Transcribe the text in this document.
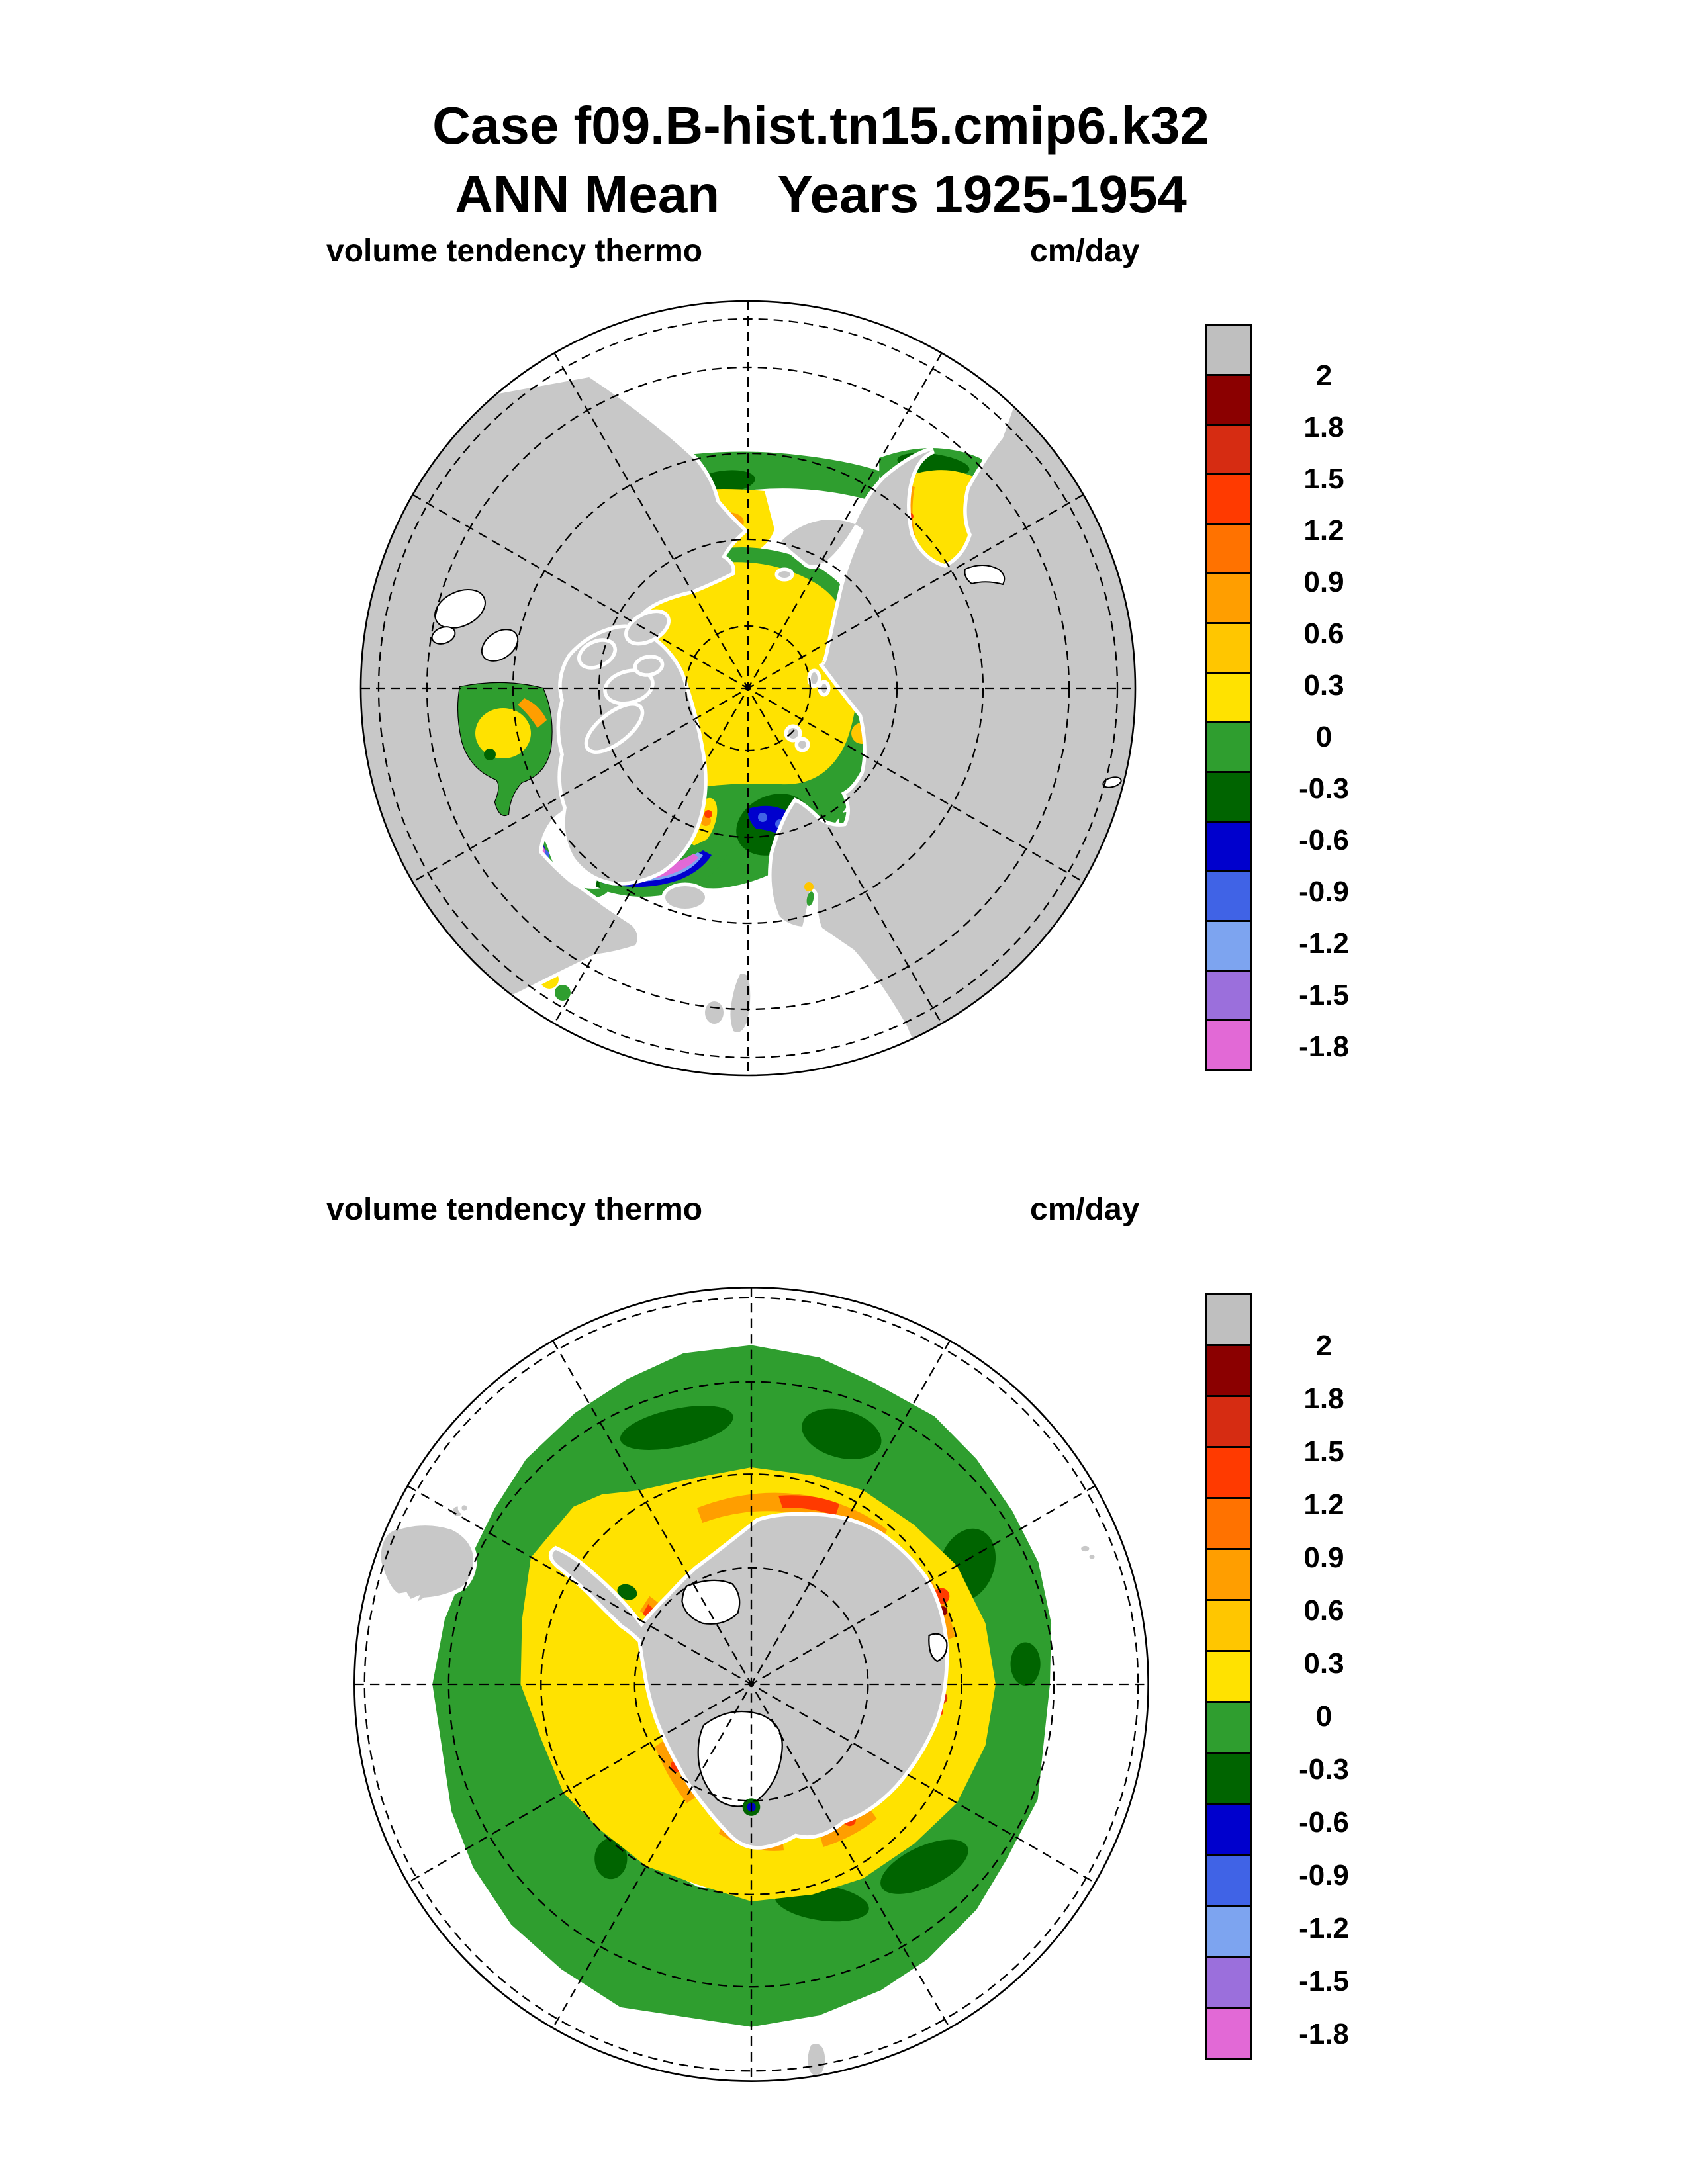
Case f09.B-hist.tn15.cmip6.k32
ANN Mean    Years 1925-1954
volume tendency thermo	cm/day
volume tendency thermo	cm/day
2
1.8
1.5
1.2
0.9
0.6
0.3
0
-0.3
-0.6
-0.9
-1.2
-1.5
-1.8
2
1.8
1.5
1.2
0.9
0.6
0.3
0
-0.3
-0.6
-0.9
-1.2
-1.5
-1.8
